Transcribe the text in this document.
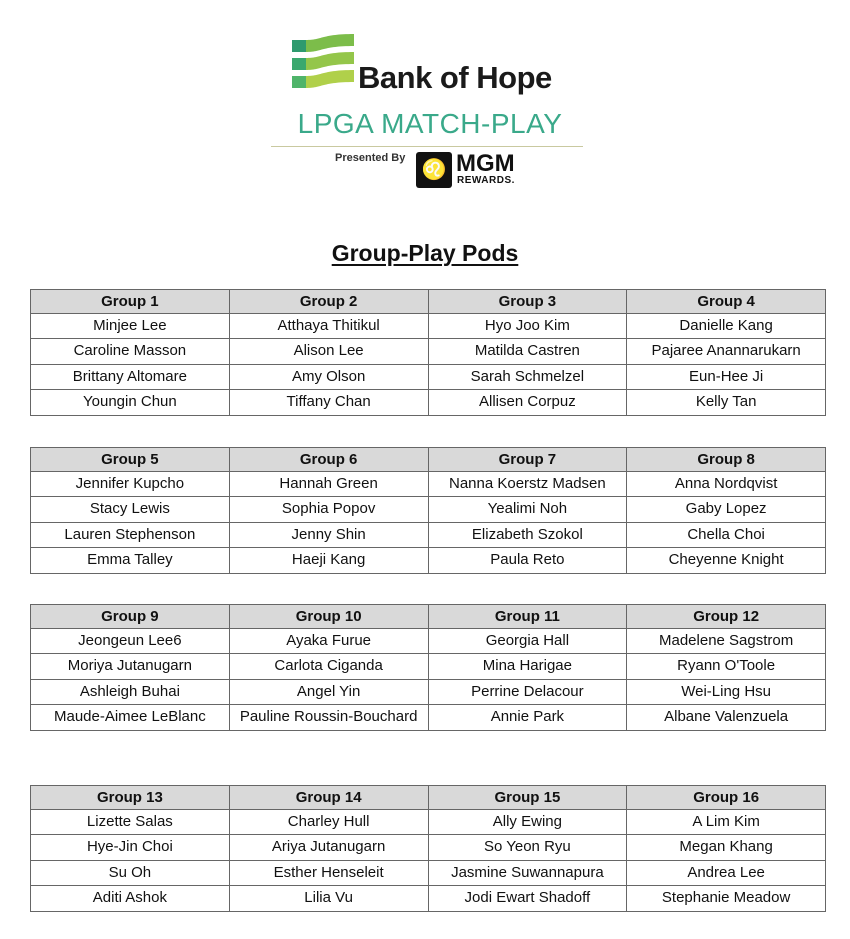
Bank of Hope
LPGA MATCH-PLAY
Presented By
♌ MGM
REWARDS.
Group-Play Pods
Group 1	Group 2	Group 3	Group 4
Minjee Lee	Atthaya Thitikul	Hyo Joo Kim	Danielle Kang
Caroline Masson	Alison Lee	Matilda Castren	Pajaree Anannarukarn
Brittany Altomare	Amy Olson	Sarah Schmelzel	Eun-Hee Ji
Youngin Chun	Tiffany Chan	Allisen Corpuz	Kelly Tan
Group 5	Group 6	Group 7	Group 8
Jennifer Kupcho	Hannah Green	Nanna Koerstz Madsen	Anna Nordqvist
Stacy Lewis	Sophia Popov	Yealimi Noh	Gaby Lopez
Lauren Stephenson	Jenny Shin	Elizabeth Szokol	Chella Choi
Emma Talley	Haeji Kang	Paula Reto	Cheyenne Knight
Group 9	Group 10	Group 11	Group 12
Jeongeun Lee6	Ayaka Furue	Georgia Hall	Madelene Sagstrom
Moriya Jutanugarn	Carlota Ciganda	Mina Harigae	Ryann O'Toole
Ashleigh Buhai	Angel Yin	Perrine Delacour	Wei-Ling Hsu
Maude-Aimee LeBlanc	Pauline Roussin-Bouchard	Annie Park	Albane Valenzuela
Group 13	Group 14	Group 15	Group 16
Lizette Salas	Charley Hull	Ally Ewing	A Lim Kim
Hye-Jin Choi	Ariya Jutanugarn	So Yeon Ryu	Megan Khang
Su Oh	Esther Henseleit	Jasmine Suwannapura	Andrea Lee
Aditi Ashok	Lilia Vu	Jodi Ewart Shadoff	Stephanie Meadow
